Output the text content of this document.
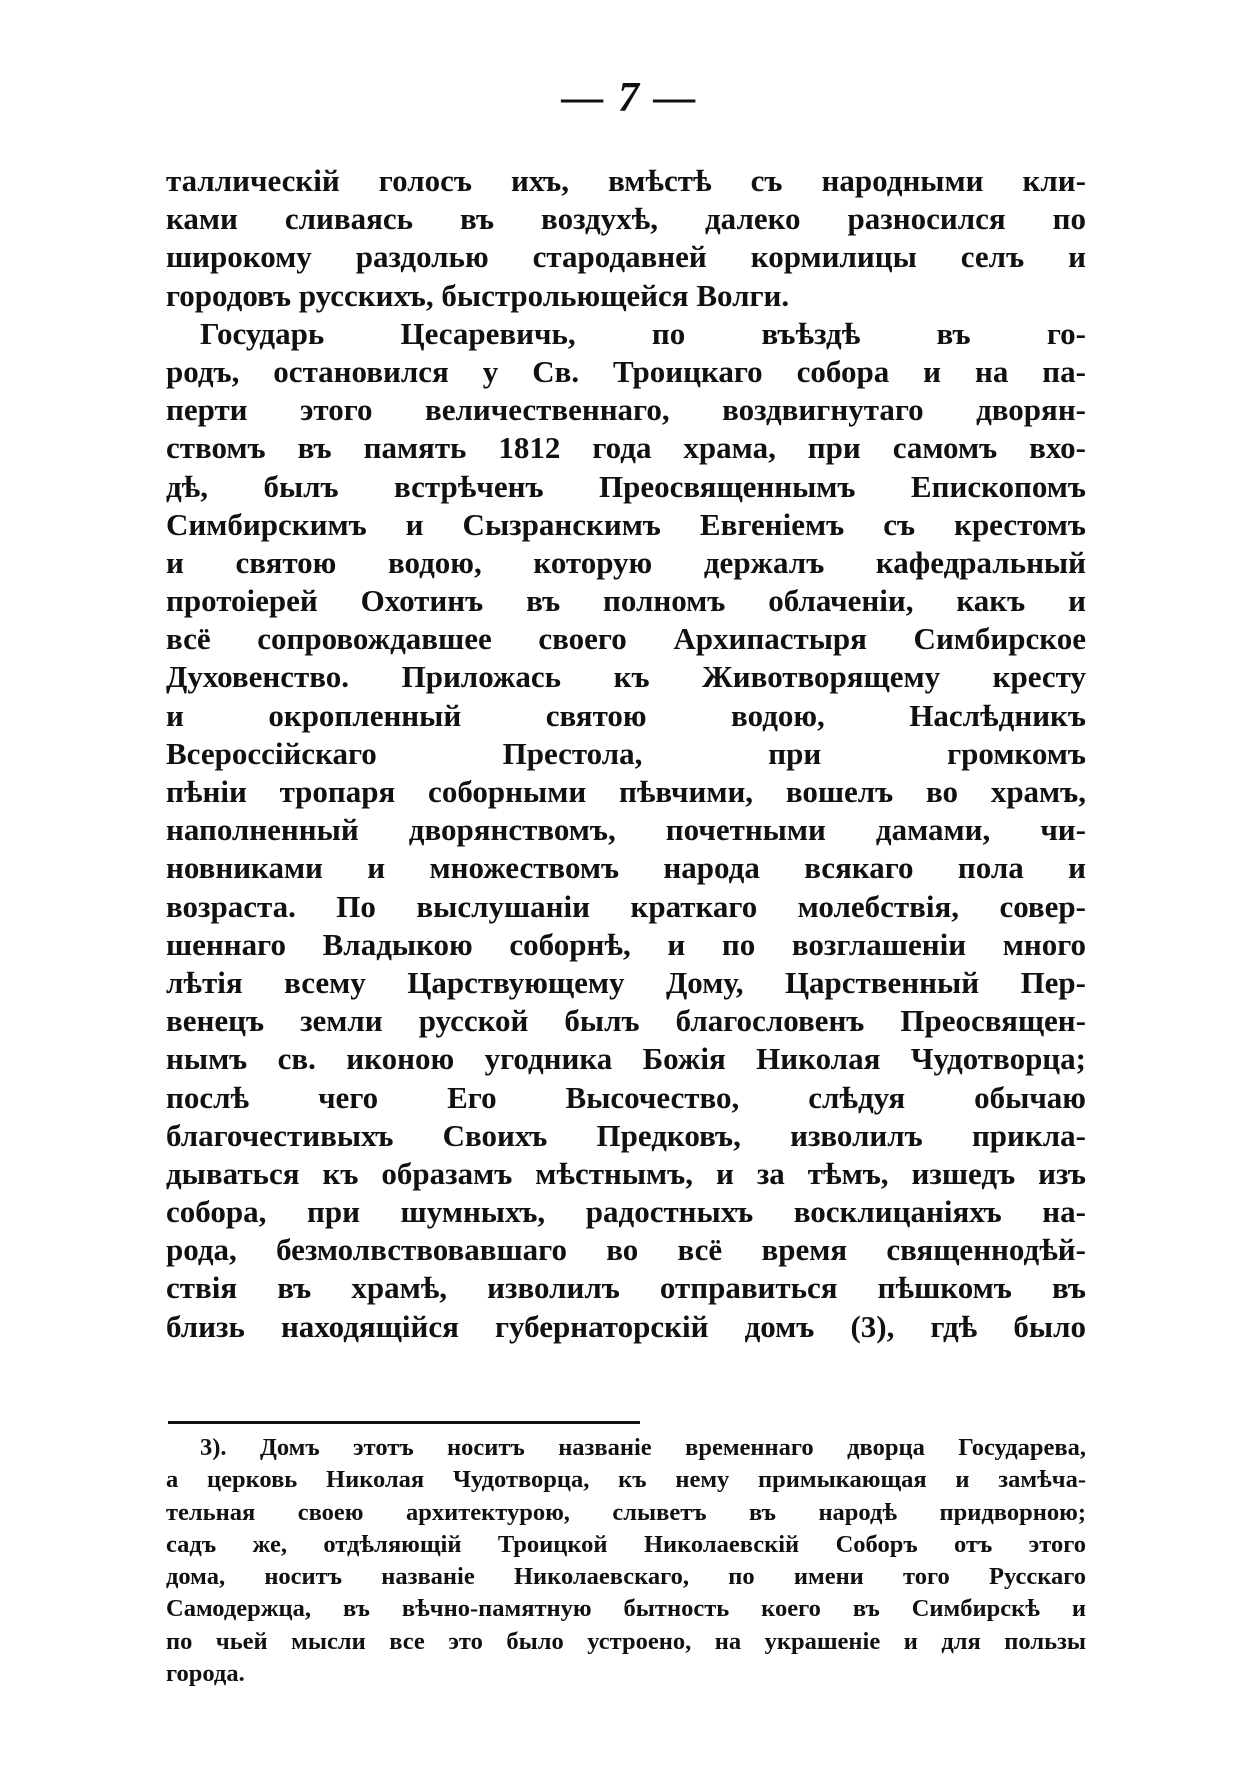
— 7 —
таллическій голосъ ихъ, вмѣстѣ съ народными кли-
ками сливаясь въ воздухѣ, далеко разносился по
широкому раздолью стародавней кормилицы селъ и
городовъ русскихъ, быстрольющейся Волги.
Государь Цесаревичь, по въѣздѣ въ го-
родъ, остановился у Св. Троицкаго собора и на па-
перти этого величественнаго, воздвигнутаго дворян-
ствомъ въ память 1812 года храма, при самомъ вхо-
дѣ, былъ встрѣченъ Преосвященнымъ Епископомъ
Симбирскимъ и Сызранскимъ Евгеніемъ съ крестомъ
и святою водою, которую держалъ кафедральный
протоіерей Охотинъ въ полномъ облаченіи, какъ и
всё сопровождавшее своего Архипастыря Симбирское
Духовенство. Приложась къ Животворящему кресту
и окропленный святою водою, Наслѣдникъ
Всероссійскаго Престола, при громкомъ
пѣніи тропаря соборными пѣвчими, вошелъ во храмъ,
наполненный дворянствомъ, почетными дамами, чи-
новниками и множествомъ народа всякаго пола и
возраста. По выслушаніи краткаго молебствія, совер-
шеннаго Владыкою соборнѣ, и по возглашеніи много
лѣтія всему Царствующему Дому, Царственный Пер-
венецъ земли русской былъ благословенъ Преосвящен-
нымъ св. иконою угодника Божія Николая Чудотворца;
послѣ чего Его Высочество, слѣдуя обычаю
благочестивыхъ Своихъ Предковъ, изволилъ прикла-
дываться къ образамъ мѣстнымъ, и за тѣмъ, изшедъ изъ
собора, при шумныхъ, радостныхъ восклицаніяхъ на-
рода, безмолвствовавшаго во всё время священнодѣй-
ствія въ храмѣ, изволилъ отправиться пѣшкомъ въ
близь находящійся губернаторскій домъ (3), гдѣ было
3). Домъ этотъ носитъ названіе временнаго дворца Государева,
а церковь Николая Чудотворца, къ нему примыкающая и замѣча-
тельная своею архитектурою, слыветъ въ народѣ придворною;
садъ же, отдѣляющій Троицкой Николаевскій Соборъ отъ этого
дома, носитъ названіе Николаевскаго, по имени того Русскаго
Самодержца, въ вѣчно-памятную бытность коего въ Симбирскѣ и
по чьей мысли все это было устроено, на украшеніе и для пользы
города.
